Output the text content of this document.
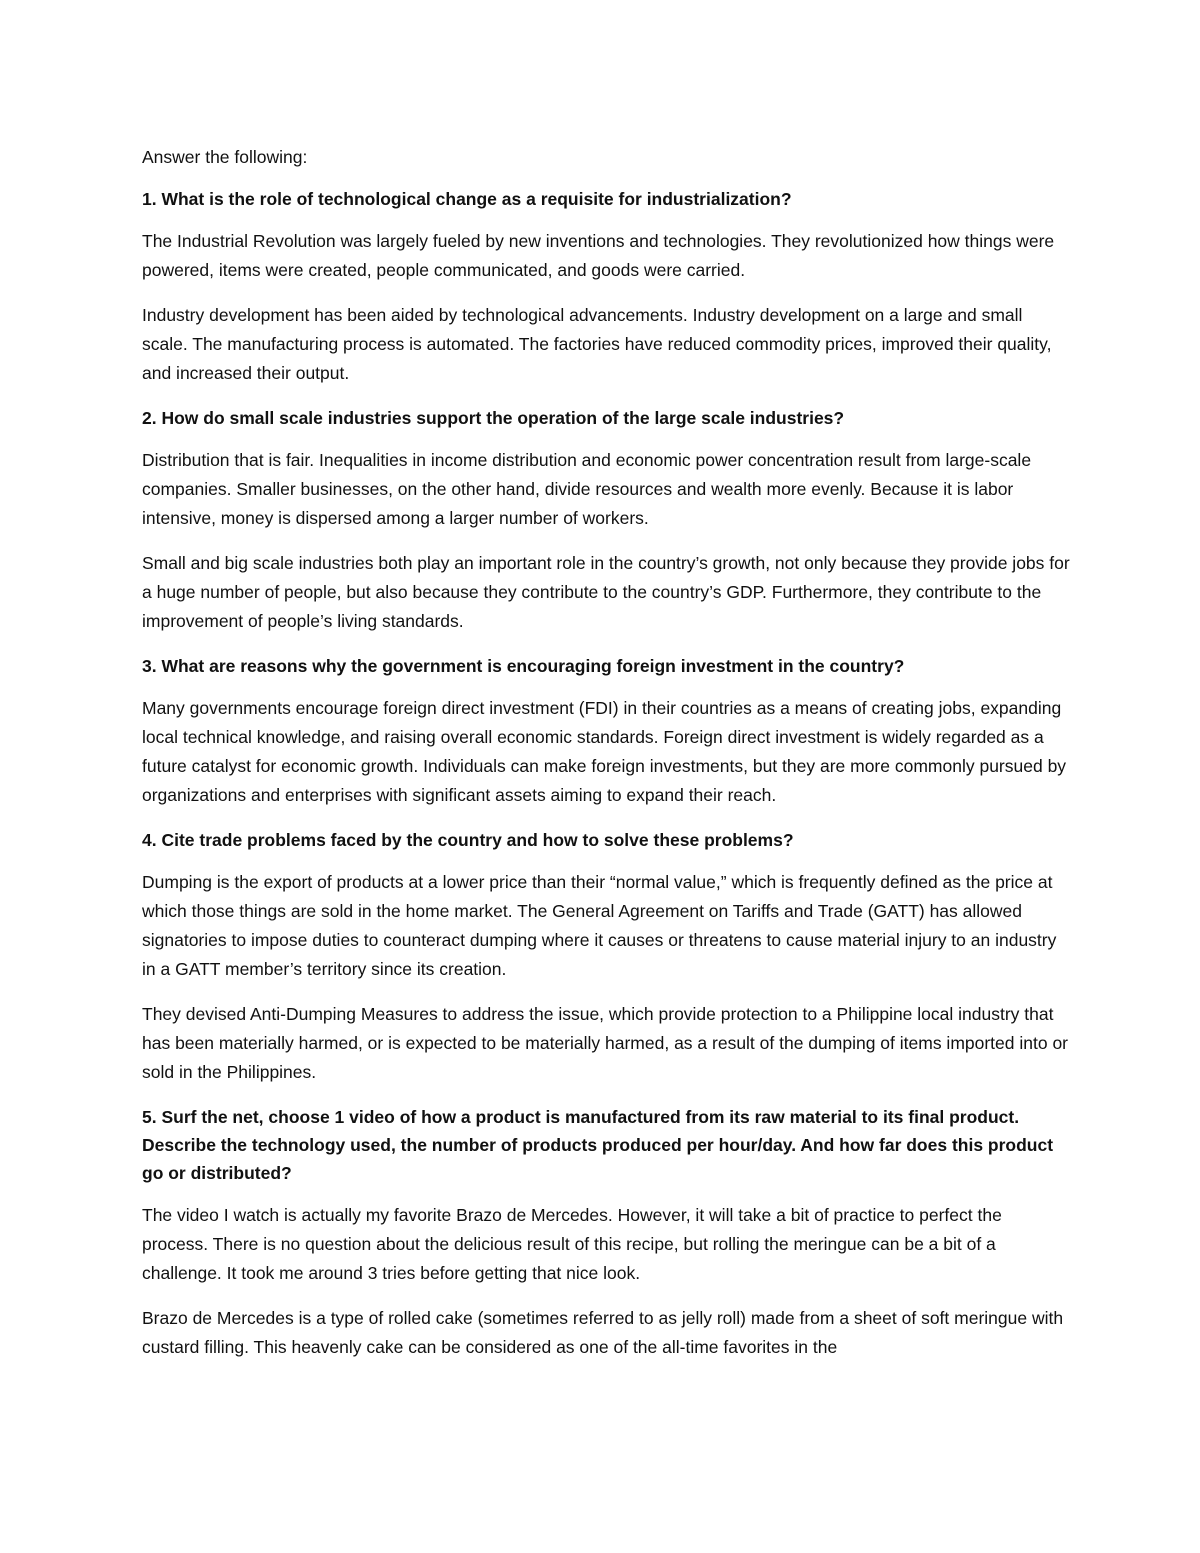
Answer the following:

1. What is the role of technological change as a requisite for industrialization?

The Industrial Revolution was largely fueled by new inventions and technologies. They revolutionized how things were powered, items were created, people communicated, and goods were carried.

Industry development has been aided by technological advancements. Industry development on a large and small scale. The manufacturing process is automated. The factories have reduced commodity prices, improved their quality, and increased their output.

2. How do small scale industries support the operation of the large scale industries?

Distribution that is fair. Inequalities in income distribution and economic power concentration result from large-scale companies. Smaller businesses, on the other hand, divide resources and wealth more evenly. Because it is labor intensive, money is dispersed among a larger number of workers.

Small and big scale industries both play an important role in the country’s growth, not only because they provide jobs for a huge number of people, but also because they contribute to the country’s GDP. Furthermore, they contribute to the improvement of people’s living standards.

3. What are reasons why the government is encouraging foreign investment in the country?

Many governments encourage foreign direct investment (FDI) in their countries as a means of creating jobs, expanding local technical knowledge, and raising overall economic standards. Foreign direct investment is widely regarded as a future catalyst for economic growth. Individuals can make foreign investments, but they are more commonly pursued by organizations and enterprises with significant assets aiming to expand their reach.

4. Cite trade problems faced by the country and how to solve these problems?

Dumping is the export of products at a lower price than their “normal value,” which is frequently defined as the price at which those things are sold in the home market. The General Agreement on Tariffs and Trade (GATT) has allowed signatories to impose duties to counteract dumping where it causes or threatens to cause material injury to an industry in a GATT member’s territory since its creation.

They devised Anti-Dumping Measures to address the issue, which provide protection to a Philippine local industry that has been materially harmed, or is expected to be materially harmed, as a result of the dumping of items imported into or sold in the Philippines.

5. Surf the net, choose 1 video of how a product is manufactured from its raw material to its final product. Describe the technology used, the number of products produced per hour/day. And how far does this product go or distributed?

The video I watch is actually my favorite Brazo de Mercedes. However, it will take a bit of practice to perfect the process. There is no question about the delicious result of this recipe, but rolling the meringue can be a bit of a challenge. It took me around 3 tries before getting that nice look.

Brazo de Mercedes is a type of rolled cake (sometimes referred to as jelly roll) made from a sheet of soft meringue with custard filling. This heavenly cake can be considered as one of the all-time favorites in the
